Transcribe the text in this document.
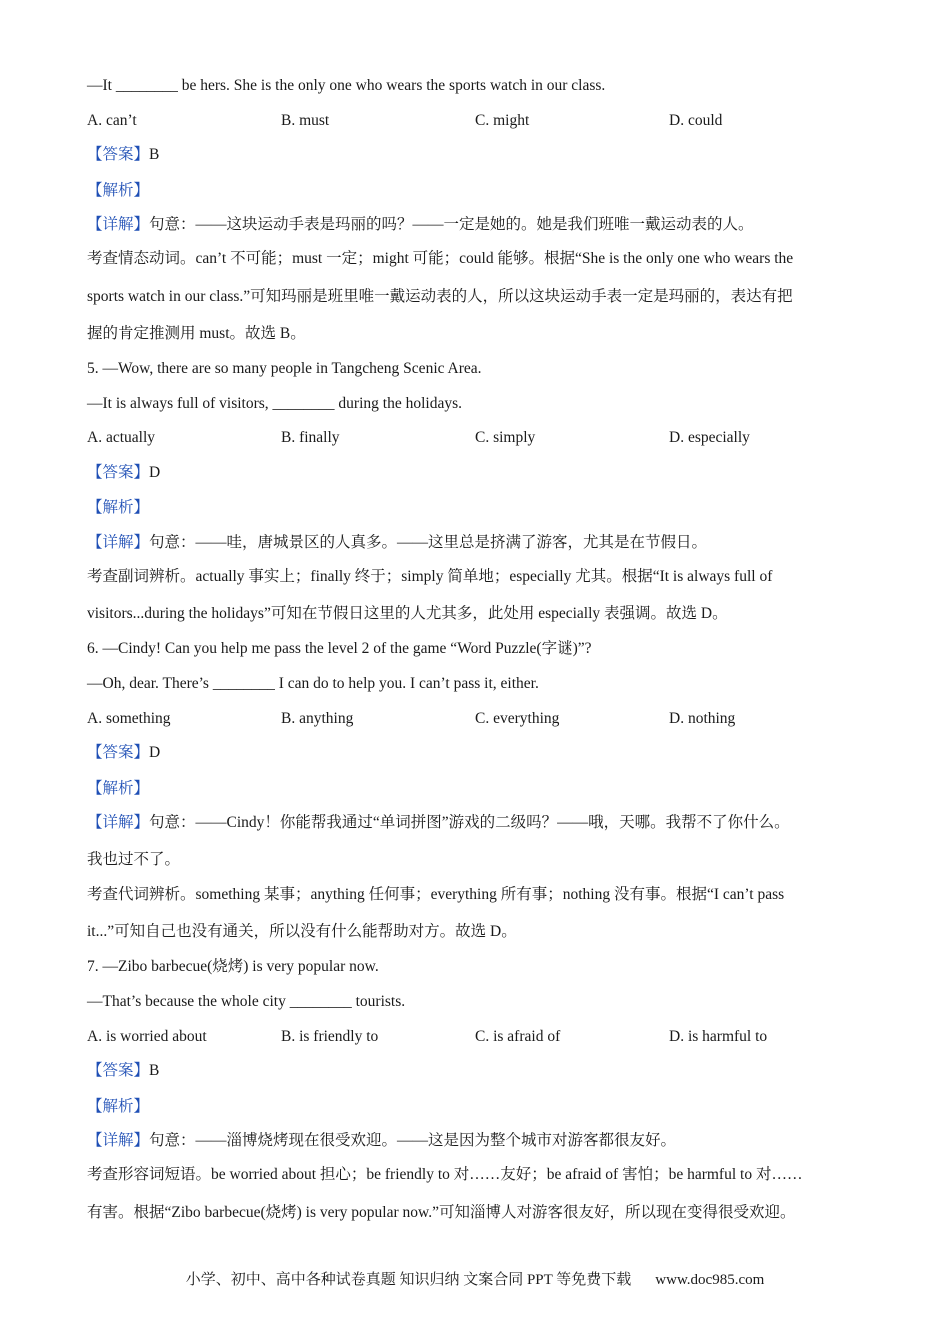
—It ________ be hers. She is the only one who wears the sports watch in our class.
A. can’t	B. must	C. might	D. could
【答案】B
【解析】
【详解】句意：——这块运动手表是玛丽的吗？——一定是她的。她是我们班唯一戴运动表的人。
考查情态动词。can’t 不可能；must 一定；might 可能；could 能够。根据“She is the only one who wears the
sports watch in our class.”可知玛丽是班里唯一戴运动表的人，所以这块运动手表一定是玛丽的，表达有把
握的肯定推测用 must。故选 B。
5. —Wow, there are so many people in Tangcheng Scenic Area.
—It is always full of visitors, ________ during the holidays.
A. actually	B. finally	C. simply	D. especially
【答案】D
【解析】
【详解】句意：——哇，唐城景区的人真多。——这里总是挤满了游客，尤其是在节假日。
考查副词辨析。actually 事实上；finally 终于；simply 简单地；especially 尤其。根据“It is always full of
visitors...during the holidays”可知在节假日这里的人尤其多，此处用 especially 表强调。故选 D。
6. —Cindy! Can you help me pass the level 2 of the game “Word Puzzle(字谜)”?
—Oh, dear. There’s ________ I can do to help you. I can’t pass it, either.
A. something	B. anything	C. everything	D. nothing
【答案】D
【解析】
【详解】句意：——Cindy！你能帮我通过“单词拼图”游戏的二级吗？——哦，天哪。我帮不了你什么。
我也过不了。
考查代词辨析。something 某事；anything 任何事；everything 所有事；nothing 没有事。根据“I can’t pass
it...”可知自己也没有通关，所以没有什么能帮助对方。故选 D。
7. —Zibo barbecue(烧烤) is very popular now.
—That’s because the whole city ________ tourists.
A. is worried about	B. is friendly to	C. is afraid of	D. is harmful to
【答案】B
【解析】
【详解】句意：——淄博烧烤现在很受欢迎。——这是因为整个城市对游客都很友好。
考查形容词短语。be worried about 担心；be friendly to 对……友好；be afraid of 害怕；be harmful to 对……
有害。根据“Zibo barbecue(烧烤) is very popular now.”可知淄博人对游客很友好，所以现在变得很受欢迎。
小学、初中、高中各种试卷真题 知识归纳 文案合同 PPT 等免费下载 www.doc985.com
